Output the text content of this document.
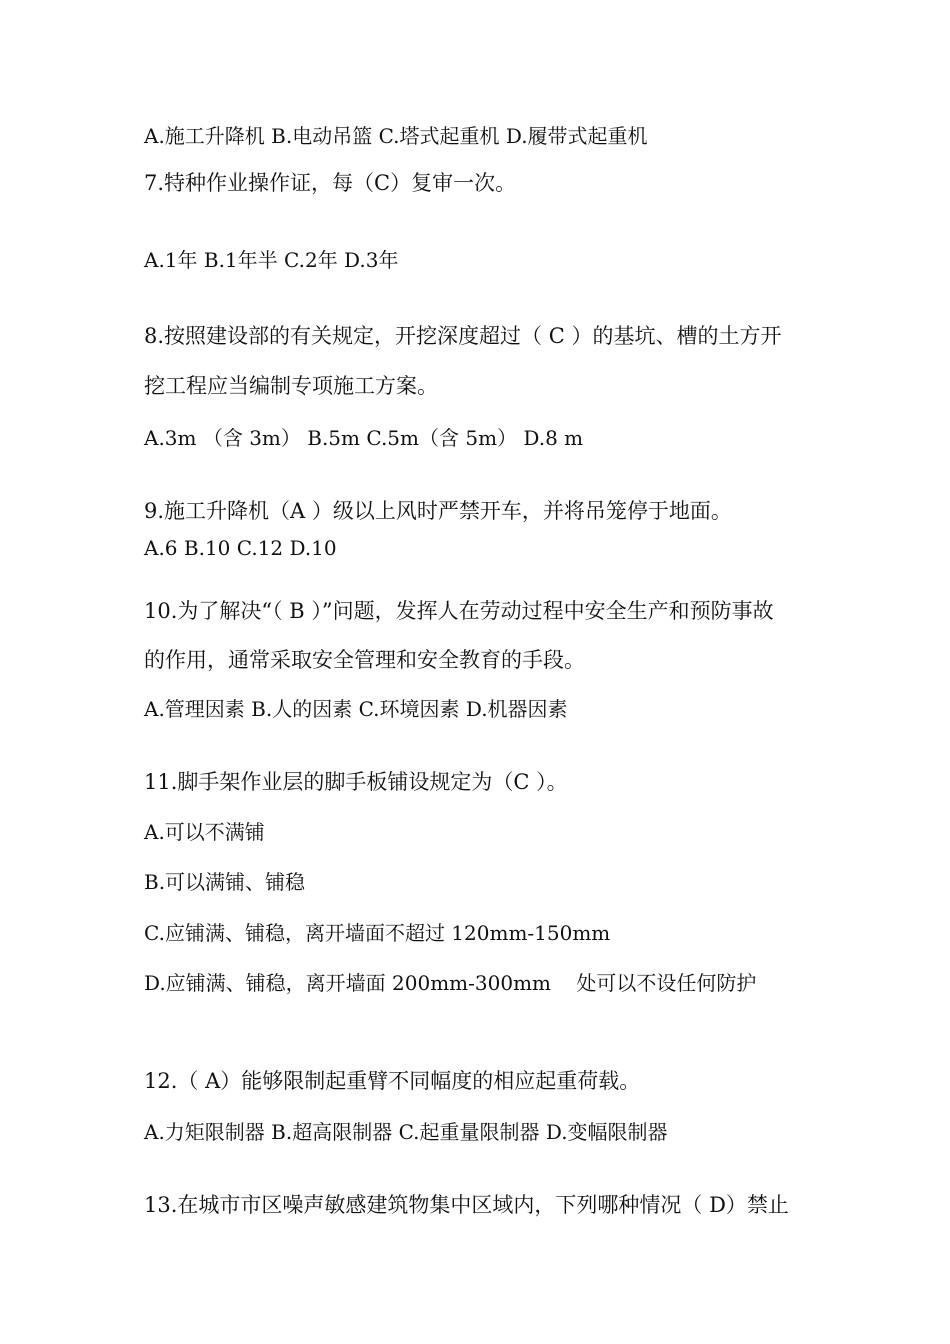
A.施工升降机 B.电动吊篮 C.塔式起重机 D.履带式起重机
7.特种作业操作证，每（C）复审一次。
A.1年 B.1年半 C.2年 D.3年
8.按照建设部的有关规定，开挖深度超过（ C ）的基坑、槽的土方开
挖工程应当编制专项施工方案。
A.3m （含 3m） B.5m C.5m（含 5m） D.8 m
9.施工升降机（A ）级以上风时严禁开车，并将吊笼停于地面。
A.6 B.10 C.12 D.10
10.为了解决“（ B ）”问题，发挥人在劳动过程中安全生产和预防事故
的作用，通常采取安全管理和安全教育的手段。
A.管理因素 B.人的因素 C.环境因素 D.机器因素
11.脚手架作业层的脚手板铺设规定为（C ）。
A.可以不满铺
B.可以满铺、铺稳
C.应铺满、铺稳，离开墙面不超过 120mm-150mm
D.应铺满、铺稳，离开墙面 200mm-300mm    处可以不设任何防护
12.（ A）能够限制起重臂不同幅度的相应起重荷载。
A.力矩限制器 B.超高限制器 C.起重量限制器 D.变幅限制器
13.在城市市区噪声敏感建筑物集中区域内，下列哪种情况（ D）禁止
